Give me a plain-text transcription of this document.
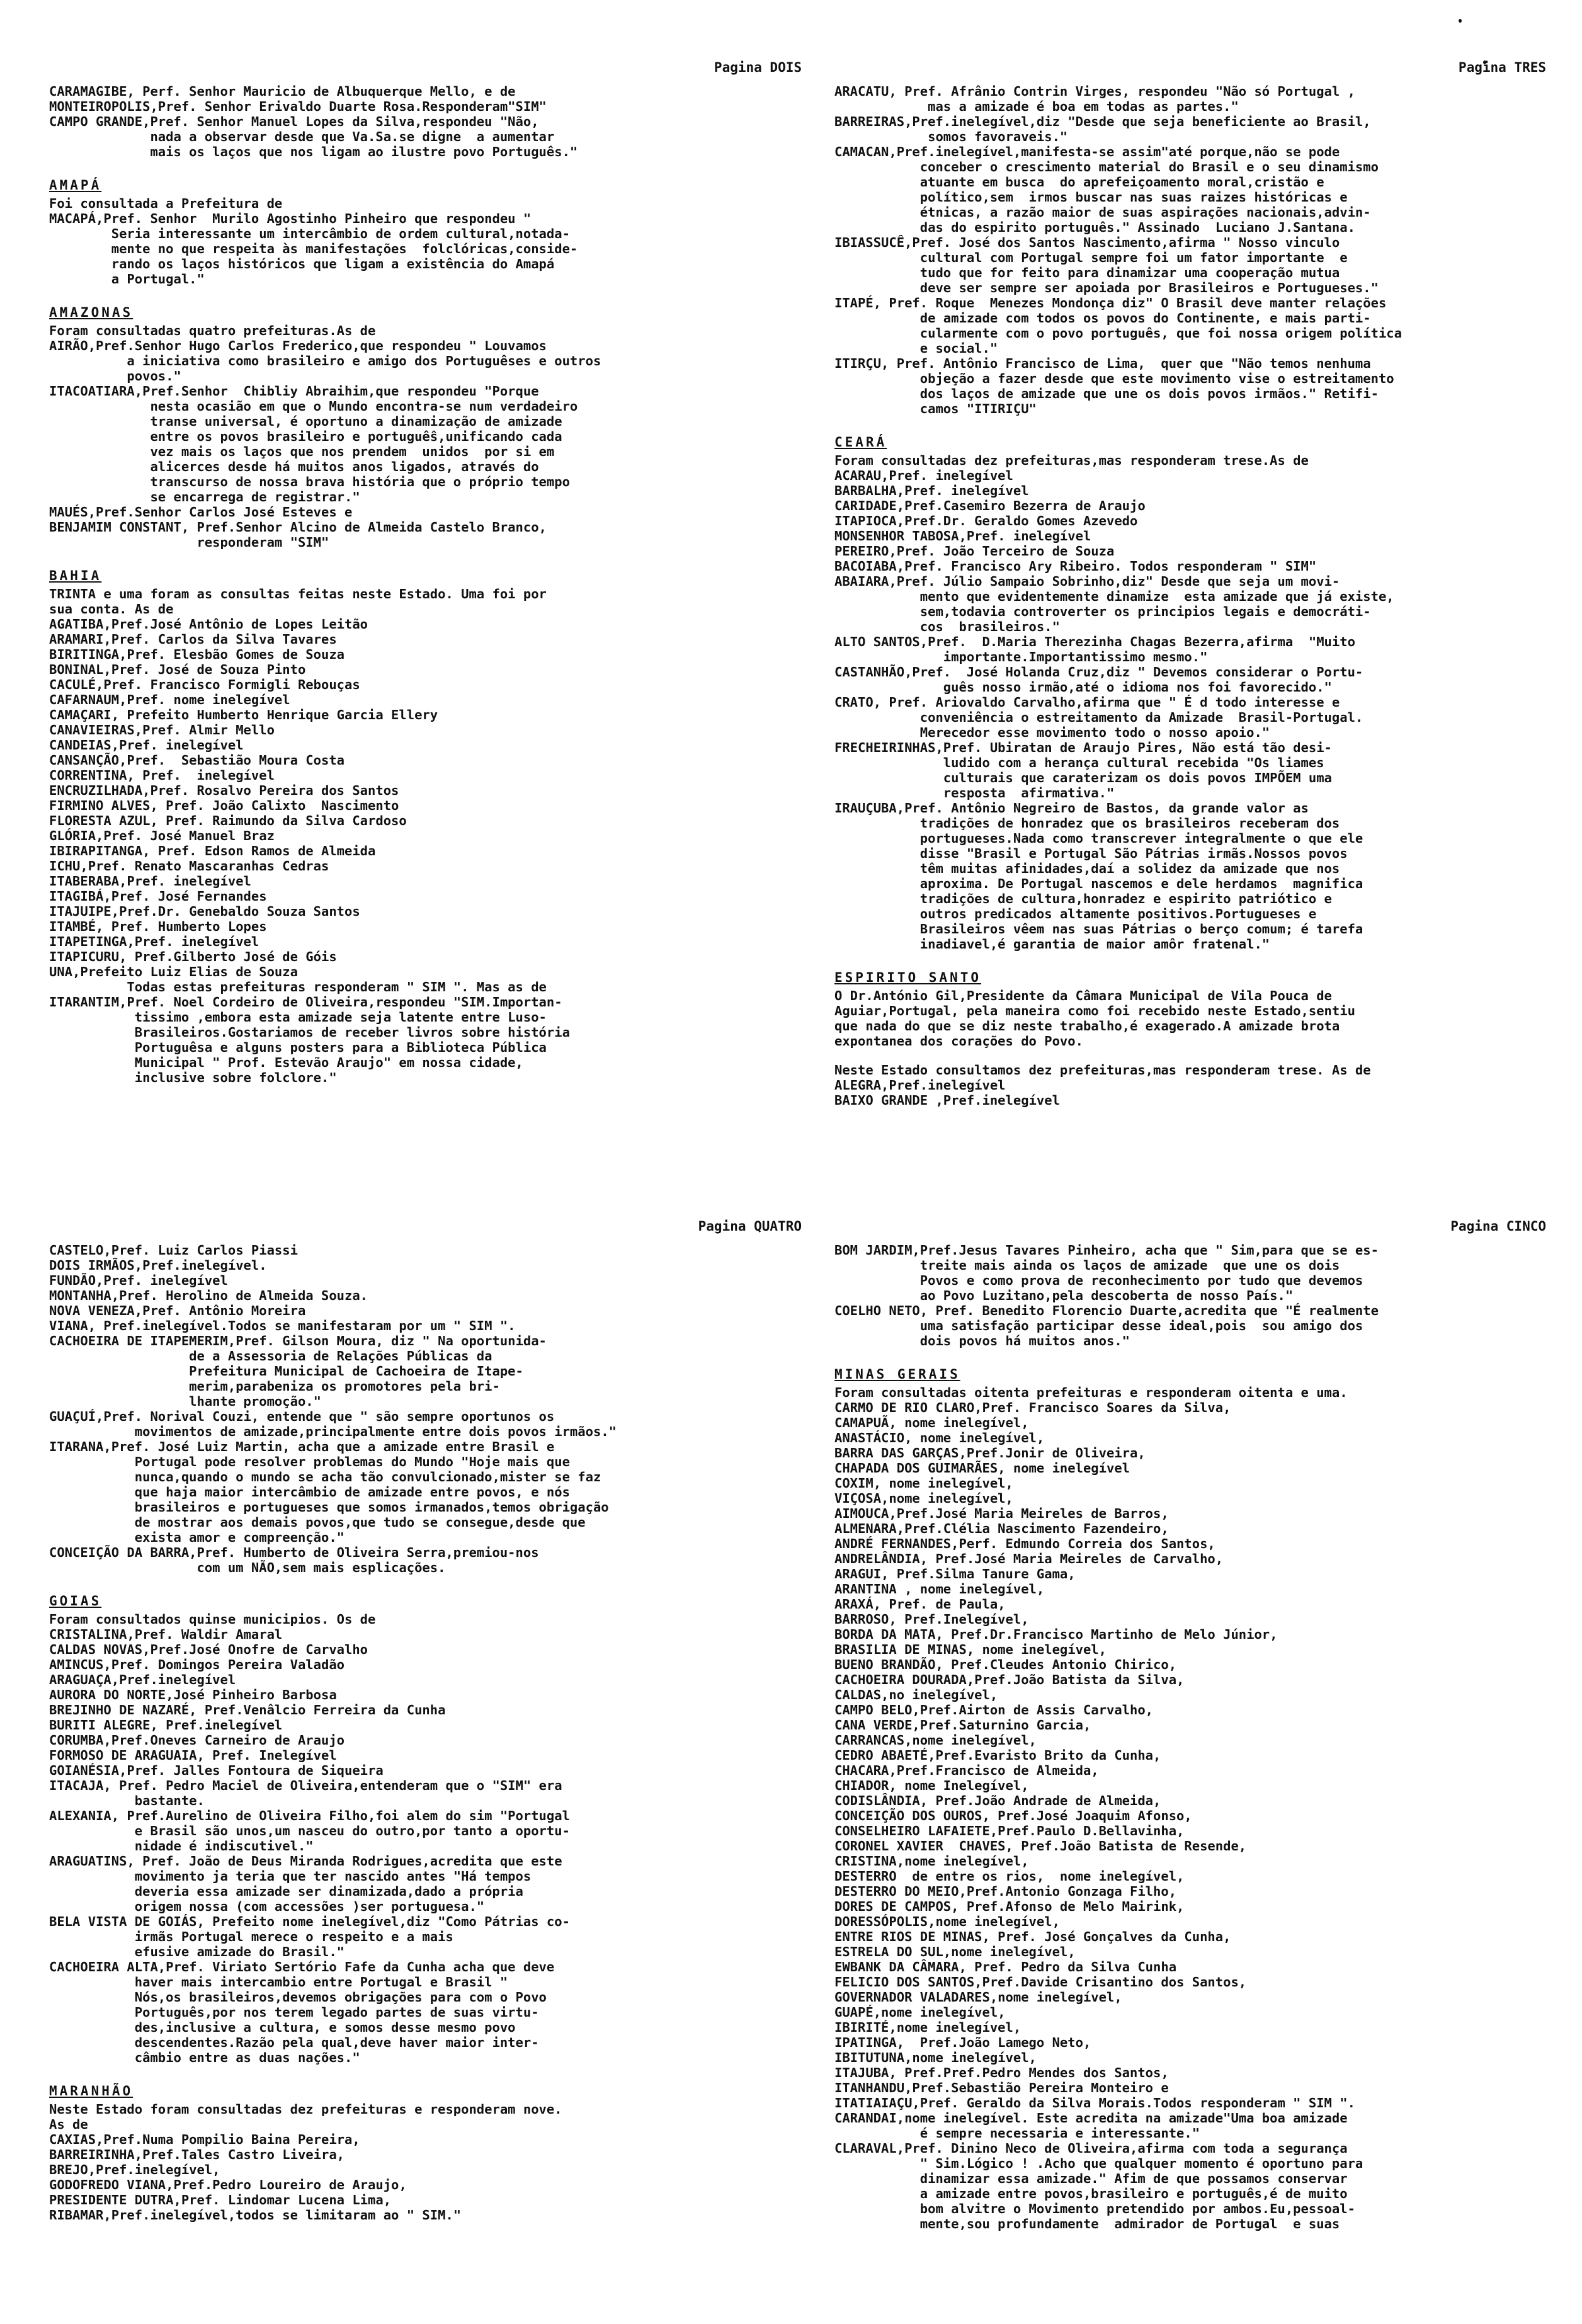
Pagina DOIS
CARAMAGIBE, Perf. Senhor Mauricio de Albuquerque Mello, e de
MONTEIROPOLIS,Pref. Senhor Erivaldo Duarte Rosa.Responderam"SIM"
CAMPO GRANDE,Pref. Senhor Manuel Lopes da Silva,respondeu "Não,
nada a observar desde que Va.Sa.se digne  a aumentar
mais os laços que nos ligam ao ilustre povo Português."
AMAPÁ
Foi consultada a Prefeitura de
MACAPÁ,Pref. Senhor  Murilo Agostinho Pinheiro que respondeu "
Seria interessante um intercâmbio de ordem cultural,notada-
mente no que respeita às manifestações  folclóricas,conside-
rando os laços históricos que ligam a existência do Amapá
a Portugal."
AMAZONAS
Foram consultadas quatro prefeituras.As de
AIRÃO,Pref.Senhor Hugo Carlos Frederico,que respondeu " Louvamos
a iniciativa como brasileiro e amigo dos Portuguêses e outros
povos."
ITACOATIARA,Pref.Senhor  Chibliy Abraihim,que respondeu "Porque
nesta ocasião em que o Mundo encontra-se num verdadeiro
transe universal, é oportuno a dinamização de amizade
entre os povos brasileiro e portuguê̂s,unificando cada
vez mais os laços que nos prendem  unidos  por si em
alicerces desde há muitos anos ligados, através do
transcurso de nossa brava história que o próprio tempo
se encarrega de registrar."
MAUÉS,Pref.Senhor Carlos José Esteves e
BENJAMIM CONSTANT, Pref.Senhor Alcino de Almeida Castelo Branco,
responderam "SIM"
BAHIA
TRINTA e uma foram as consultas feitas neste Estado. Uma foi por
sua conta. As de
AGATIBA,Pref.José Antônio de Lopes Leitão
ARAMARI,Pref. Carlos da Silva Tavares
BIRITINGA,Pref. Elesbão Gomes de Souza
BONINAL,Pref. José de Souza Pinto
CACULÉ,Pref. Francisco Formigli Rebouças
CAFARNAUM,Pref. nome inelegível
CAMAÇARI, Prefeito Humberto Henrique Garcia Ellery
CANAVIEIRAS,Pref. Almir Mello
CANDEIAS,Pref. inelegível
CANSANÇÃO,Pref.  Sebastião Moura Costa
CORRENTINA, Pref.  inelegível
ENCRUZILHADA,Pref. Rosalvo Pereira dos Santos
FIRMINO ALVES, Pref. João Calixto  Nascimento
FLORESTA AZUL, Pref. Raimundo da Silva Cardoso
GLÓRIA,Pref. José Manuel Braz
IBIRAPITANGA, Pref. Edson Ramos de Almeida
ICHU,Pref. Renato Mascaranhas Cedras
ITABERABA,Pref. inelegível
ITAGIBÁ,Pref. José Fernandes
ITAJUIPE,Pref.Dr. Genebaldo Souza Santos
ITAMBÉ, Pref. Humberto Lopes
ITAPETINGA,Pref. inelegível
ITAPICURU, Pref.Gilberto José de Góis
UNA,Prefeito Luiz Elias de Souza
Todas estas prefeituras responderam " SIM ". Mas as de
ITARANTIM,Pref. Noel Cordeiro de Oliveira,respondeu "SIM.Importan-
tissimo ,embora esta amizade seja latente entre Luso-
Brasileiros.Gostariamos de receber livros sobre história
Portuguêsa e alguns posters para a Biblioteca Pública
Municipal " Prof. Estevão Araujo" em nossa cidade,
inclusive sobre folclore."
Pagina TRES
ARACATU, Pref. Afrânio Contrin Virges, respondeu "Não só Portugal ,
mas a amizade é boa em todas as partes."
BARREIRAS,Pref.inelegível,diz "Desde que seja beneficiente ao Brasil,
somos favoraveis."
CAMACAN,Pref.inelegível,manifesta-se assim"até porque,não se pode
conceber o crescimento material do Brasil e o seu dinamismo
atuante em busca  do aprefeiçoamento moral,cristão e
político,sem  irmos buscar nas suas raizes históricas e
étnicas, a razão maior de suas aspirações nacionais,advin-
das do espirito português." Assinado  Luciano J.Santana.
IBIASSUCÊ,Pref. José dos Santos Nascimento,afirma " Nosso vinculo
cultural com Portugal sempre foi um fator importante  e
tudo que for feito para dinamizar uma cooperação mutua
deve ser sempre ser apoiada por Brasileiros e Portugueses."
ITAPÉ, Pref. Roque  Menezes Mondonça diz" O Brasil deve manter relações
de amizade com todos os povos do Continente, e mais parti-
cularmente com o povo português, que foi nossa origem política
e social."
ITIRÇU, Pref. Antônio Francisco de Lima,  quer que "Não temos nenhuma
objeção a fazer desde que este movimento vise o estreitamento
dos laços de amizade que une os dois povos irmãos." Retifi-
camos "ITIRIÇU"
CEARÁ
Foram consultadas dez prefeituras,mas responderam trese.As de
ACARAU,Pref. inelegível
BARBALHA,Pref. inelegível
CARIDADE,Pref.Casemiro Bezerra de Araujo
ITAPIOCA,Pref.Dr. Geraldo Gomes Azevedo
MONSENHOR TABOSA,Pref. inelegível
PEREIRO,Pref. João Terceiro de Souza
BACOIABA,Pref. Francisco Ary Ribeiro. Todos responderam " SIM"
ABAIARA,Pref. Júlio Sampaio Sobrinho,diz" Desde que seja um movi-
mento que evidentemente dinamize  esta amizade que já existe,
sem,todavia controverter os principios legais e democráti-
cos  brasileiros."
ALTO SANTOS,Pref.  D.Maria Therezinha Chagas Bezerra,afirma  "Muito
importante.Importantissimo mesmo."
CASTANHÃO,Pref.  José Holanda Cruz,diz " Devemos considerar o Portu-
guês nosso irmão,até o idioma nos foi favorecido."
CRATO, Pref. Ariovaldo Carvalho,afirma que " É d todo interesse e
conveniência o estreitamento da Amizade  Brasil-Portugal.
Merecedor esse movimento todo o nosso apoio."
FRECHEIRINHAS,Pref. Ubiratan de Araujo Pires, Não está tão desi-
ludido com a herança cultural recebida "Os liames
culturais que caraterizam os dois povos IMPÕEM uma
resposta  afirmativa."
IRAUÇUBA,Pref. Antônio Negreiro de Bastos, da grande valor as
tradições de honradez que os brasileiros receberam dos
portugueses.Nada como transcrever integralmente o que ele
disse "Brasil e Portugal São Pátrias irmãs.Nossos povos
têm muitas afinidades,daí a solidez da amizade que nos
aproxima. De Portugal nascemos e dele herdamos  magnifica
tradições de cultura,honradez e espirito patriótico e
outros predicados altamente positivos.Portugueses e
Brasileiros vêem nas suas Pátrias o berço comum; é tarefa
inadiavel,é garantia de maior amôr fratenal."
ESPIRITO SANTO
O Dr.António Gil,Presidente da Câmara Municipal de Vila Pouca de
Aguiar,Portugal, pela maneira como foi recebido neste Estado,sentiu
que nada do que se diz neste trabalho,é exagerado.A amizade brota
expontanea dos corações do Povo.
Neste Estado consultamos dez prefeituras,mas responderam trese. As de
ALEGRA,Pref.inelegível
BAIXO GRANDE ,Pref.inelegível
Pagina QUATRO
CASTELO,Pref. Luiz Carlos Piassi
DOIS IRMÃOS,Pref.inelegível.
FUNDÃO,Pref. inelegível
MONTANHA,Pref. Herolino de Almeida Souza.
NOVA VENEZA,Pref. Antônio Moreira
VIANA, Pref.inelegível.Todos se manifestaram por um " SIM ".
CACHOEIRA DE ITAPEMERIM,Pref. Gilson Moura, diz " Na oportunida-
de a Assessoria de Relações Públicas da
Prefeitura Municipal de Cachoeira de Itape-
merim,parabeniza os promotores pela bri-
lhante promoção."
GUAÇUÍ,Pref. Norival Couzi, entende que " são sempre oportunos os
movimentos de amizade,principalmente entre dois povos irmãos."
ITARANA,Pref. José Luiz Martin, acha que a amizade entre Brasil e
Portugal pode resolver problemas do Mundo "Hoje mais que
nunca,quando o mundo se acha tão convulcionado,mister se faz
que haja maior intercâmbio de amizade entre povos, e nós
brasileiros e portugueses que somos irmanados,temos obrigação
de mostrar aos demais povos,que tudo se consegue,desde que
exista amor e compreenção."
CONCEIÇÃO DA BARRA,Pref. Humberto de Oliveira Serra,premiou-nos
com um NÃO,sem mais esplicações.
GOIAS
Foram consultados quinse municipios. Os de
CRISTALINA,Pref. Waldir Amaral
CALDAS NOVAS,Pref.José Onofre de Carvalho
AMINCUS,Pref. Domingos Pereira Valadão
ARAGUAÇA,Pref.inelegível
AURORA DO NORTE,José Pinheiro Barbosa
BREJINHO DE NAZARÉ, Pref.Venâlcio Ferreira da Cunha
BURITI ALEGRE, Pref.inelegível
CORUMBA,Pref.Oneves Carneiro de Araujo
FORMOSO DE ARAGUAIA, Pref. Inelegível
GOIANÉSIA,Pref. Jalles Fontoura de Siqueira
ITACAJA, Pref. Pedro Maciel de Oliveira,entenderam que o "SIM" era
bastante.
ALEXANIA, Pref.Aurelino de Oliveira Filho,foi alem do sim "Portugal
e Brasil são unos,um nasceu do outro,por tanto a oportu-
nidade é indiscutivel."
ARAGUATINS, Pref. João de Deus Miranda Rodrigues,acredita que este
movimento ja teria que ter nascido antes "Há tempos
deveria essa amizade ser dinamizada,dado a própria
origem nossa (com accessões )ser portuguesa."
BELA VISTA DE GOIÁS, Prefeito nome inelegível,diz "Como Pátrias co-
irmãs Portugal merece o respeito e a mais
efusive amizade do Brasil."
CACHOEIRA ALTA,Pref. Viriato Sertório Fafe da Cunha acha que deve
haver mais intercambio entre Portugal e Brasil "
Nós,os brasileiros,devemos obrigações para com o Povo
Português,por nos terem legado partes de suas virtu-
des,inclusive a cultura, e somos desse mesmo povo
descendentes.Razão pela qual,deve haver maior inter-
câmbio entre as duas nações."
MARANHÃO
Neste Estado foram consultadas dez prefeituras e responderam nove.
As de
CAXIAS,Pref.Numa Pompilio Baina Pereira,
BARREIRINHA,Pref.Tales Castro Liveira,
BREJO,Pref.inelegível,
GODOFREDO VIANA,Pref.Pedro Loureiro de Araujo,
PRESIDENTE DUTRA,Pref. Lindomar Lucena Lima,
RIBAMAR,Pref.inelegível,todos se limitaram ao " SIM."
Pagina CINCO
BOM JARDIM,Pref.Jesus Tavares Pinheiro, acha que " Sim,para que se es-
treite mais ainda os laços de amizade  que une os dois
Povos e como prova de reconhecimento por tudo que devemos
ao Povo Luzitano,pela descoberta de nosso País."
COELHO NETO, Pref. Benedito Florencio Duarte,acredita que "É realmente
uma satisfação participar desse ideal,pois  sou amigo dos
dois povos há muitos anos."
MINAS GERAIS
Foram consultadas oitenta prefeituras e responderam oitenta e uma.
CARMO DE RIO CLARO,Pref. Francisco Soares da Silva,
CAMAPUÃ, nome inelegível,
ANASTÁCIO, nome inelegível,
BARRA DAS GARÇAS,Pref.Jonir de Oliveira,
CHAPADA DOS GUIMARÃES, nome inelegível
COXIM, nome inelegível,
VIÇOSA,nome inelegível,
AIMOUCA,Pref.José Maria Meireles de Barros,
ALMENARA,Pref.Clélia Nascimento Fazendeiro,
ANDRÉ FERNANDES,Perf. Edmundo Correia dos Santos,
ANDRELÂNDIA, Pref.José Maria Meireles de Carvalho,
ARAGUI, Pref.Silma Tanure Gama,
ARANTINA , nome inelegível,
ARAXÁ, Pref. de Paula,
BARROSO, Pref.Inelegível,
BORDA DA MATA, Pref.Dr.Francisco Martinho de Melo Júnior,
BRASILIA DE MINAS, nome inelegível,
BUENO BRANDÃO, Pref.Cleudes Antonio Chirico,
CACHOEIRA DOURADA,Pref.João Batista da Silva,
CALDAS,no inelegível,
CAMPO BELO,Pref.Airton de Assis Carvalho,
CANA VERDE,Pref.Saturnino Garcia,
CARRANCAS,nome inelegível,
CEDRO ABAETÉ,Pref.Evaristo Brito da Cunha,
CHACARA,Pref.Francisco de Almeida,
CHIADOR, nome Inelegível,
CODISLÂNDIA, Pref.João Andrade de Almeida,
CONCEIÇÃO DOS OUROS, Pref.José Joaquim Afonso,
CONSELHEIRO LAFAIETE,Pref.Paulo D.Bellavinha,
CORONEL XAVIER  CHAVES, Pref.João Batista de Resende,
CRISTINA,nome inelegível,
DESTERRO  de entre os rios,  nome inelegível,
DESTERRO DO MEIO,Pref.Antonio Gonzaga Filho,
DORES DE CAMPOS, Pref.Afonso de Melo Mairink,
DORESSÓPOLIS,nome inelegível,
ENTRE RIOS DE MINAS, Pref. José Gonçalves da Cunha,
ESTRELA DO SUL,nome inelegível,
EWBANK DA CÂMARA, Pref. Pedro da Silva Cunha
FELICIO DOS SANTOS,Pref.Davide Crisantino dos Santos,
GOVERNADOR VALADARES,nome inelegível,
GUAPÉ,nome inelegível,
IBIRITÉ,nome inelegível,
IPATINGA,  Pref.João Lamego Neto,
IBITUTUNA,nome inelegível,
ITAJUBA, Pref.Pref.Pedro Mendes dos Santos,
ITANHANDU,Pref.Sebastião Pereira Monteiro e
ITATIAIAÇU,Pref. Geraldo da Silva Morais.Todos responderam " SIM ".
CARANDAI,nome inelegível. Este acredita na amizade"Uma boa amizade
é sempre necessaria e interessante."
CLARAVAL,Pref. Dinino Neco de Oliveira,afirma com toda a segurança
" Sim.Lógico ! .Acho que qualquer momento é oportuno para
dinamizar essa amizade." Afim de que possamos conservar
a amizade entre povos,brasileiro e português,é de muito
bom alvitre o Movimento pretendido por ambos.Eu,pessoal-
mente,sou profundamente  admirador de Portugal  e suas
